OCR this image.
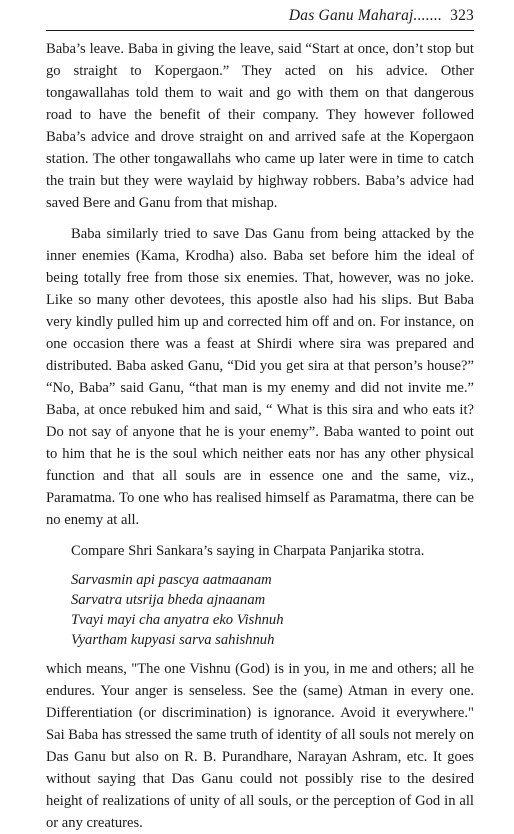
Das Ganu Maharaj....... 323

Baba’s leave. Baba in giving the leave, said “Start at once, don’t stop but go straight to Kopergaon.” They acted on his advice. Other tongawallahas told them to wait and go with them on that dangerous road to have the benefit of their company. They however followed Baba’s advice and drove straight on and arrived safe at the Kopergaon station. The other tongawallahs who came up later were in time to catch the train but they were waylaid by highway robbers. Baba’s advice had saved Bere and Ganu from that mishap.

Baba similarly tried to save Das Ganu from being attacked by the inner enemies (Kama, Krodha) also. Baba set before him the ideal of being totally free from those six enemies. That, however, was no joke. Like so many other devotees, this apostle also had his slips. But Baba very kindly pulled him up and corrected him off and on. For instance, on one occasion there was a feast at Shirdi where sira was prepared and distributed. Baba asked Ganu, “Did you get sira at that person’s house?” “No, Baba” said Ganu, “that man is my enemy and did not invite me.” Baba, at once rebuked him and said, “ What is this sira and who eats it? Do not say of anyone that he is your enemy”. Baba wanted to point out to him that he is the soul which neither eats nor has any other physical function and that all souls are in essence one and the same, viz., Paramatma. To one who has realised himself as Paramatma, there can be no enemy at all.

Compare Shri Sankara’s saying in Charpata Panjarika stotra.

Sarvasmin api pascya aatmaanam
Sarvatra utsrija bheda ajnaanam
Tvayi mayi cha anyatra eko Vishnuh
Vyartham kupyasi sarva sahishnuh

which means, "The one Vishnu (God) is in you, in me and others; all he endures. Your anger is senseless. See the (same) Atman in every one. Differentiation (or discrimination) is ignorance. Avoid it everywhere." Sai Baba has stressed the same truth of identity of all souls not merely on Das Ganu but also on R. B. Purandhare, Narayan Ashram, etc. It goes without saying that Das Ganu could not possibly rise to the desired height of realizations of unity of all souls, or the perception of God in all or any creatures.
